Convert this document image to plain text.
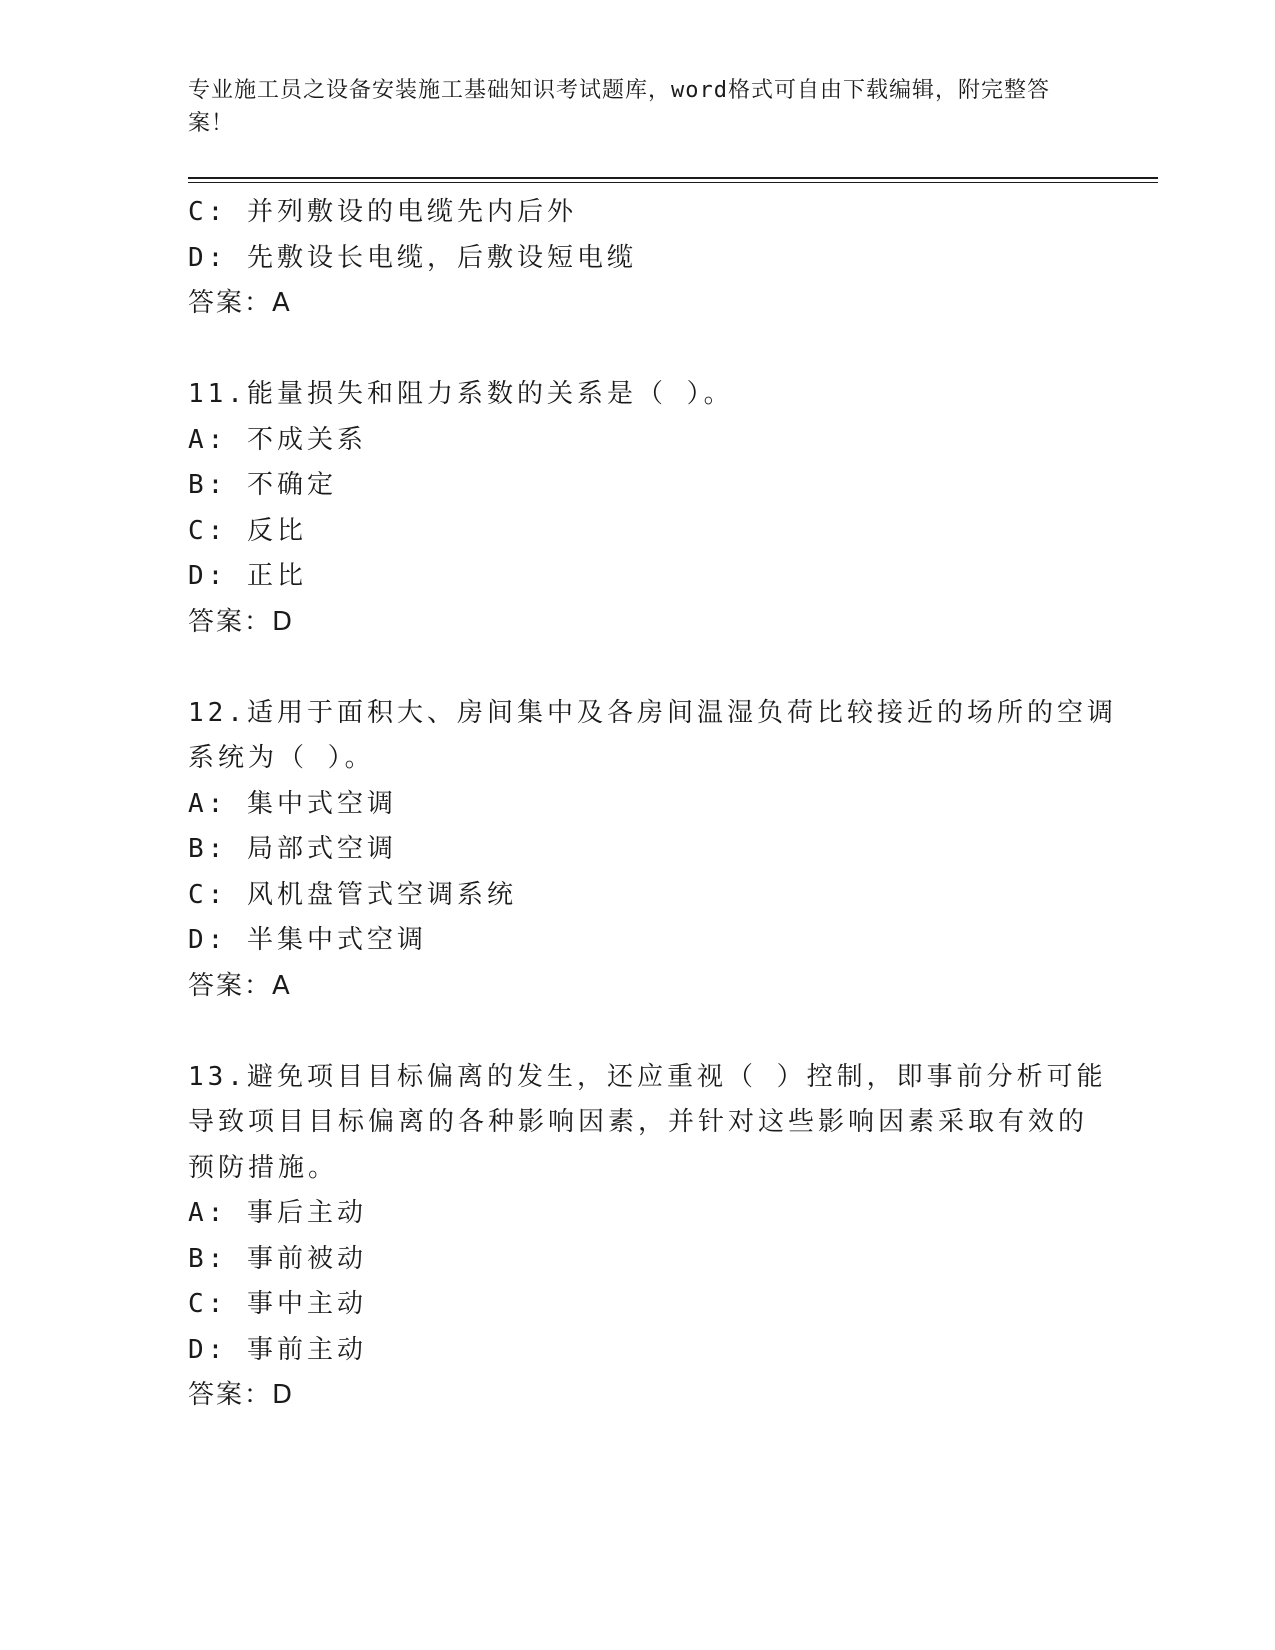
专业施工员之设备安装施工基础知识考试题库，word格式可自由下载编辑，附完整答案！
C: 并列敷设的电缆先内后外
D: 先敷设长电缆，后敷设短电缆
答案：A
11.能量损失和阻力系数的关系是（ ）。
A: 不成关系
B: 不确定
C: 反比
D: 正比
答案：D
12.适用于面积大、房间集中及各房间温湿负荷比较接近的场所的空调
系统为（ ）。
A: 集中式空调
B: 局部式空调
C: 风机盘管式空调系统
D: 半集中式空调
答案：A
13.避免项目目标偏离的发生，还应重视（ ）控制，即事前分析可能
导致项目目标偏离的各种影响因素，并针对这些影响因素采取有效的
预防措施。
A: 事后主动
B: 事前被动
C: 事中主动
D: 事前主动
答案：D
